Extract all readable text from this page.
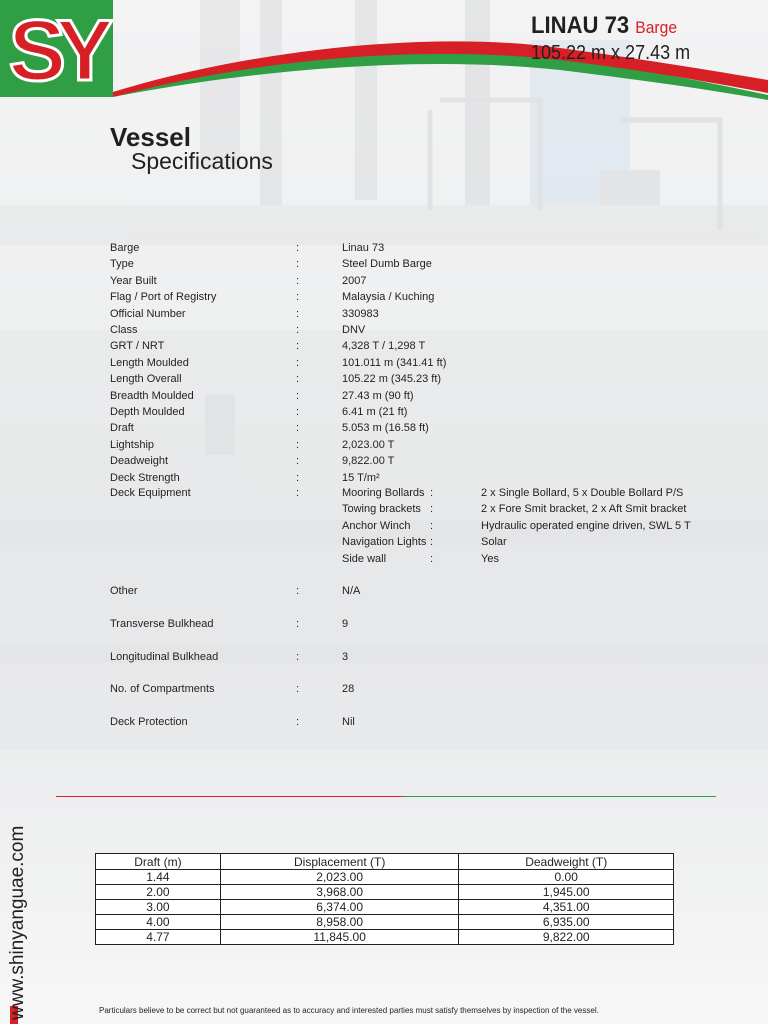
SY	LINAU 73 Barge
105.22 m x 27.43 m
Vessel
Specifications
Barge	:	Linau 73
Type	:	Steel Dumb Barge
Year Built	:	2007
Flag / Port of Registry	:	Malaysia / Kuching
Official Number	:	330983
Class	:	DNV
GRT / NRT	:	4,328 T / 1,298 T
Length Moulded	:	101.011 m (341.41 ft)
Length Overall	:	105.22 m (345.23 ft)
Breadth Moulded	:	27.43 m (90 ft)
Depth Moulded	:	6.41 m (21 ft)
Draft	:	5.053 m (16.58 ft)
Lightship	:	2,023.00 T
Deadweight	:	9,822.00 T
Deck Strength	:	15 T/m²
Deck Equipment	:	Mooring Bollards :	2 x Single Bollard, 5 x Double Bollard P/S
Towing brackets :	2 x Fore Smit bracket, 2 x Aft Smit bracket
Anchor Winch :	Hydraulic operated engine driven, SWL 5 T
Navigation Lights :	Solar
Side wall	:	Yes
Other	:	N/A
Transverse Bulkhead	:	9
Longitudinal Bulkhead	:	3
No. of Compartments	:	28
Deck Protection	:	Nil
Draft (m)	Displacement (T)	Deadweight (T)
1.44	2,023.00	0.00
2.00	3,968.00	1,945.00
3.00	6,374.00	4,351.00
4.00	8,958.00	6,935.00
4.77	11,845.00	9,822.00
www.shinyanguae.com	Particulars believe to be correct but not guaranteed as to accuracy and interested parties must satisfy themselves by inspection of the vessel.
